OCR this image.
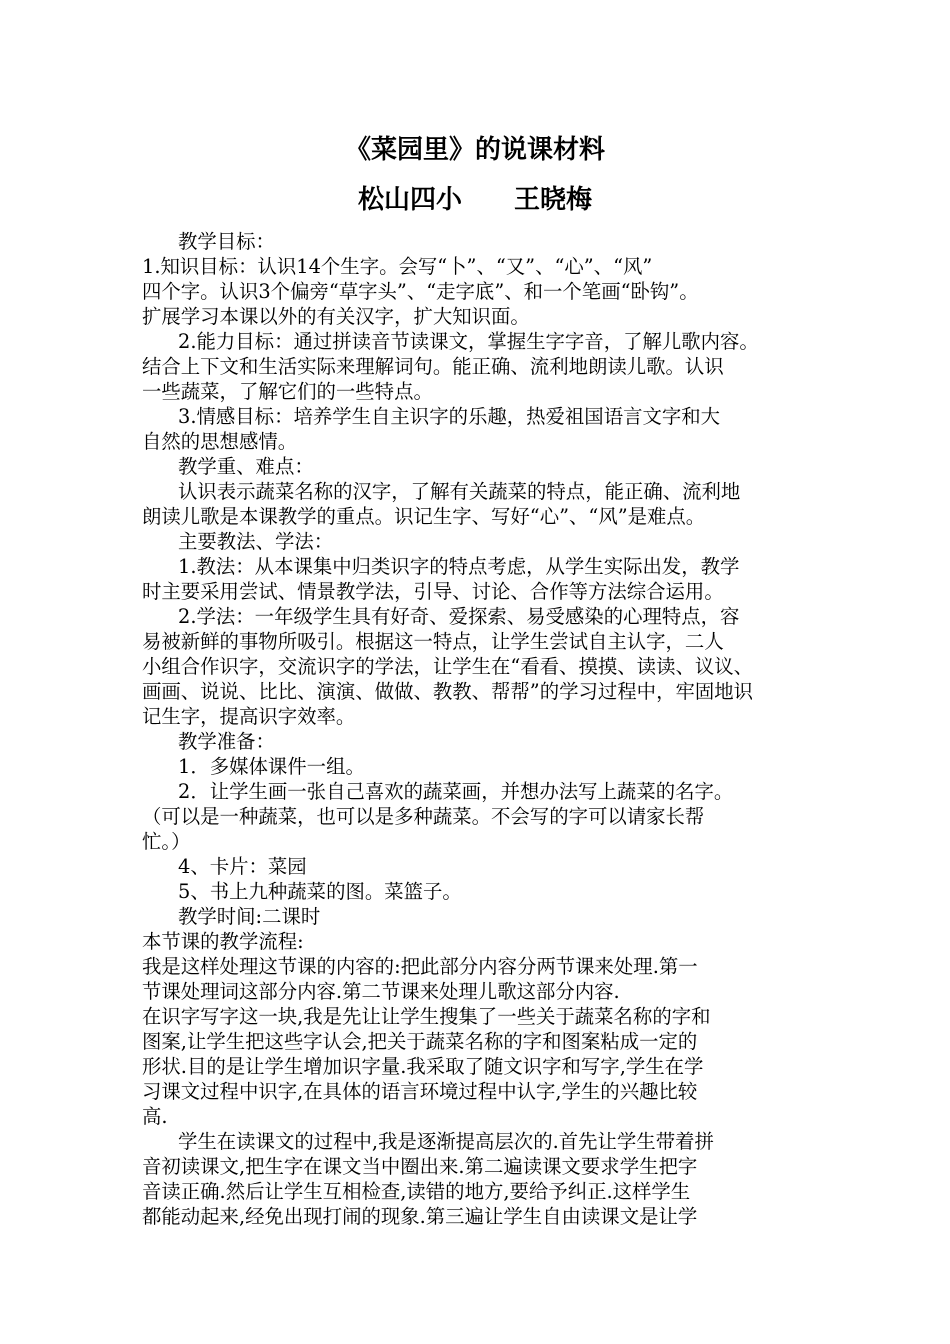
《菜园里》的说课材料
松山四小 王晓梅
教学目标：
1.知识目标：认识14个生字。会写“卜”、“又”、“心”、“风”
四个字。认识3个偏旁“草字头”、“走字底”、和一个笔画“卧钩”。
扩展学习本课以外的有关汉字，扩大知识面。
2.能力目标：通过拼读音节读课文，掌握生字字音，了解儿歌内容。
结合上下文和生活实际来理解词句。能正确、流利地朗读儿歌。认识
一些蔬菜，了解它们的一些特点。
3.情感目标：培养学生自主识字的乐趣，热爱祖国语言文字和大
自然的思想感情。
教学重、难点：
认识表示蔬菜名称的汉字，了解有关蔬菜的特点，能正确、流利地
朗读儿歌是本课教学的重点。识记生字、写好“心”、“风”是难点。
主要教法、学法：
1.教法：从本课集中归类识字的特点考虑，从学生实际出发，教学
时主要采用尝试、情景教学法，引导、讨论、合作等方法综合运用。
2.学法：一年级学生具有好奇、爱探索、易受感染的心理特点，容
易被新鲜的事物所吸引。根据这一特点，让学生尝试自主认字，二人
小组合作识字，交流识字的学法，让学生在“看看、摸摸、读读、议议、
画画、说说、比比、演演、做做、教教、帮帮”的学习过程中，牢固地识
记生字，提高识字效率。
教学准备：
1．多媒体课件一组。
2．让学生画一张自己喜欢的蔬菜画，并想办法写上蔬菜的名字。
（可以是一种蔬菜，也可以是多种蔬菜。不会写的字可以请家长帮
忙。）
4、卡片：菜园
5、书上九种蔬菜的图。菜篮子。
教学时间:二课时
本节课的教学流程:
我是这样处理这节课的内容的:把此部分内容分两节课来处理.第一
节课处理词这部分内容.第二节课来处理儿歌这部分内容.
在识字写字这一块,我是先让让学生搜集了一些关于蔬菜名称的字和
图案,让学生把这些字认会,把关于蔬菜名称的字和图案粘成一定的
形状.目的是让学生增加识字量.我采取了随文识字和写字,学生在学
习课文过程中识字,在具体的语言环境过程中认字,学生的兴趣比较
高.
学生在读课文的过程中,我是逐渐提高层次的.首先让学生带着拼
音初读课文,把生字在课文当中圈出来.第二遍读课文要求学生把字
音读正确.然后让学生互相检查,读错的地方,要给予纠正.这样学生
都能动起来,经免出现打闹的现象.第三遍让学生自由读课文是让学
